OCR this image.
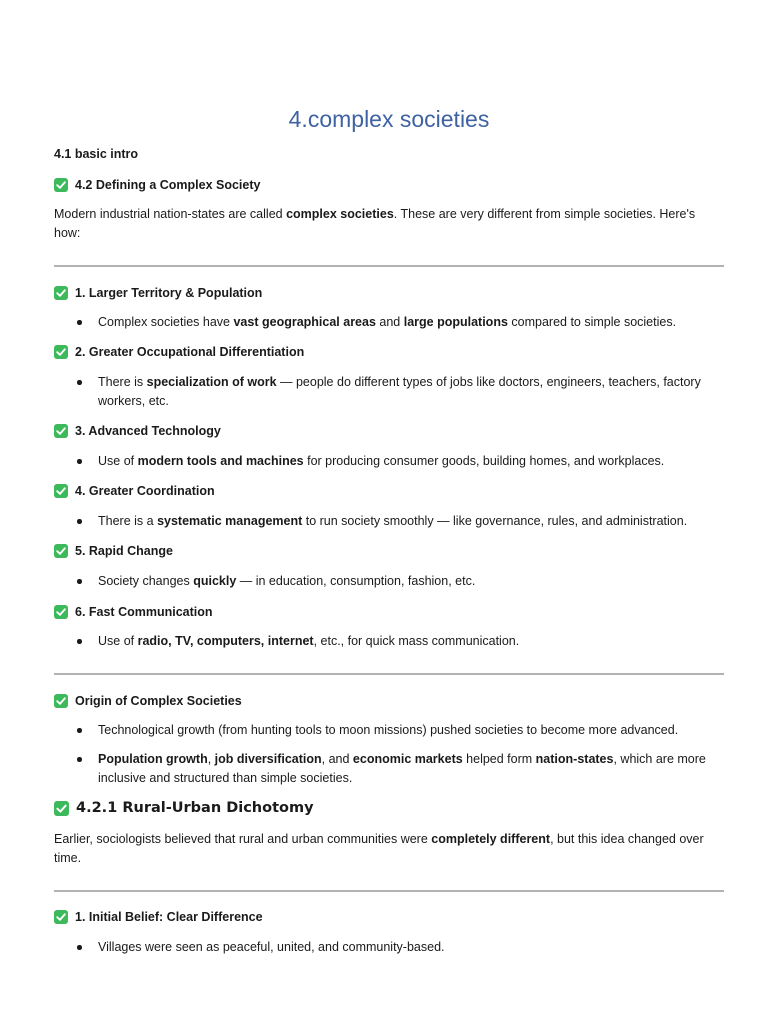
4.complex societies
4.1 basic intro
4.2 Defining a Complex Society

Modern industrial nation-states are called complex societies. These are very different from simple societies. Here's how:

1. Larger Territory & Population
Complex societies have vast geographical areas and large populations compared to simple societies.
2. Greater Occupational Differentiation
There is specialization of work — people do different types of jobs like doctors, engineers, teachers, factory workers, etc.
3. Advanced Technology
Use of modern tools and machines for producing consumer goods, building homes, and workplaces.
4. Greater Coordination
There is a systematic management to run society smoothly — like governance, rules, and administration.
5. Rapid Change
Society changes quickly — in education, consumption, fashion, etc.
6. Fast Communication
Use of radio, TV, computers, internet, etc., for quick mass communication.
Origin of Complex Societies
Technological growth (from hunting tools to moon missions) pushed societies to become more advanced.
Population growth, job diversification, and economic markets helped form nation-states, which are more inclusive and structured than simple societies.
4.2.1 Rural-Urban Dichotomy

Earlier, sociologists believed that rural and urban communities were completely different, but this idea changed over time.

1. Initial Belief: Clear Difference
Villages were seen as peaceful, united, and community-based.
